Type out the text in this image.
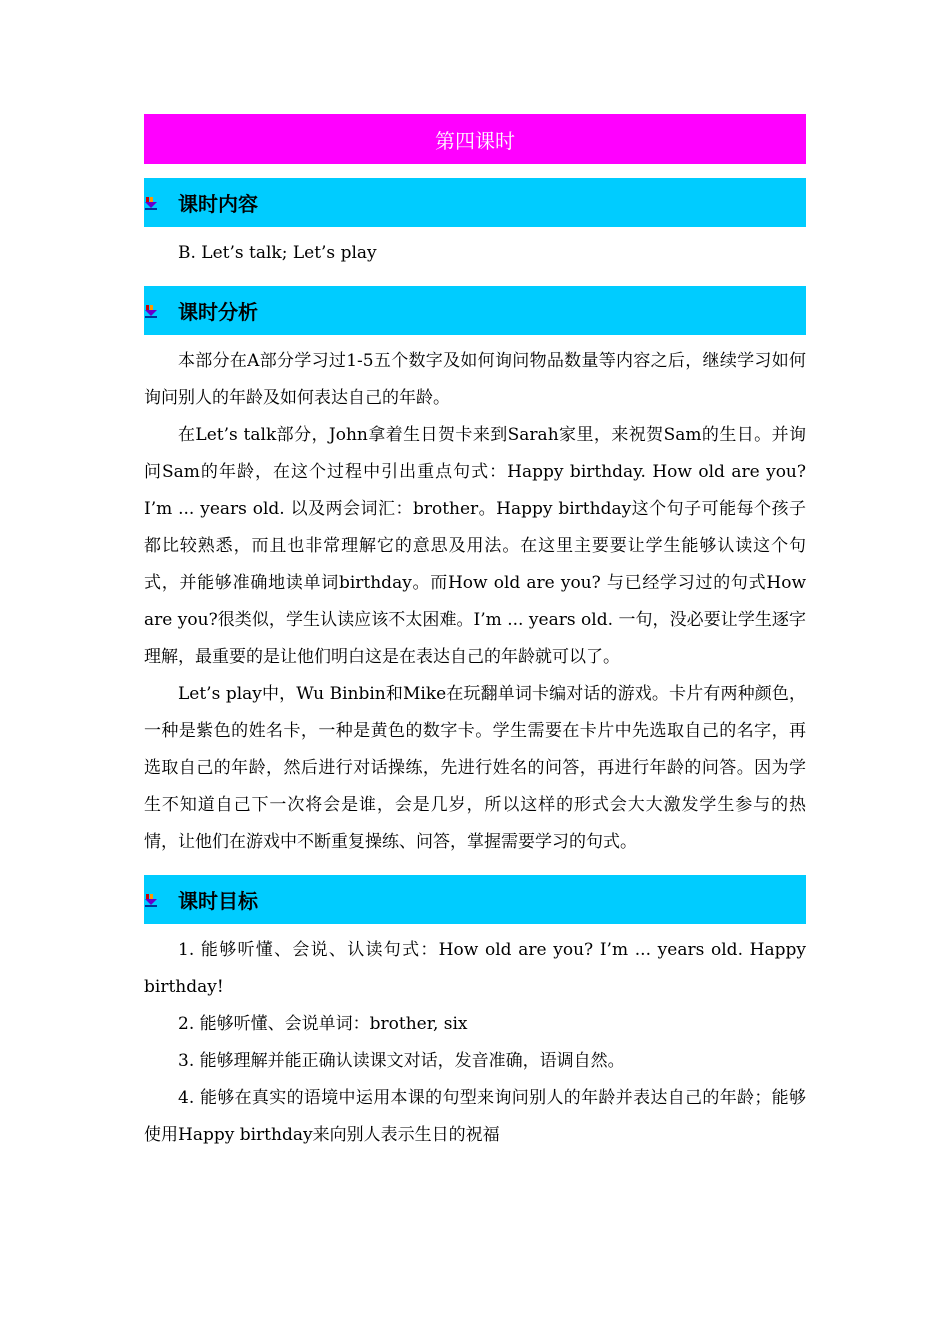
第四课时
课时内容

B. Let’s talk; Let’s play

课时分析

本部分在A部分学习过1-5五个数字及如何询问物品数量等内容之后，继续学习如何询问别人的年龄及如何表达自己的年龄。

在Let’s talk部分，John拿着生日贺卡来到Sarah家里，来祝贺Sam的生日。并询问Sam的年龄，在这个过程中引出重点句式：Happy birthday. How old are you? I’m ... years old. 以及两会词汇：brother。Happy birthday这个句子可能每个孩子都比较熟悉，而且也非常理解它的意思及用法。在这里主要要让学生能够认读这个句式，并能够准确地读单词birthday。而How old are you? 与已经学习过的句式How are you?很类似，学生认读应该不太困难。I’m ... years old. 一句，没必要让学生逐字理解，最重要的是让他们明白这是在表达自己的年龄就可以了。

Let’s play中，Wu Binbin和Mike在玩翻单词卡编对话的游戏。卡片有两种颜色，一种是紫色的姓名卡，一种是黄色的数字卡。学生需要在卡片中先选取自己的名字，再选取自己的年龄，然后进行对话操练，先进行姓名的问答，再进行年龄的问答。因为学生不知道自己下一次将会是谁，会是几岁，所以这样的形式会大大激发学生参与的热情，让他们在游戏中不断重复操练、问答，掌握需要学习的句式。

课时目标

1. 能够听懂、会说、认读句式：How old are you? I’m ... years old. Happy birthday!

2. 能够听懂、会说单词：brother, six

3. 能够理解并能正确认读课文对话，发音准确，语调自然。

4. 能够在真实的语境中运用本课的句型来询问别人的年龄并表达自己的年龄；能够使用Happy birthday来向别人表示生日的祝福
